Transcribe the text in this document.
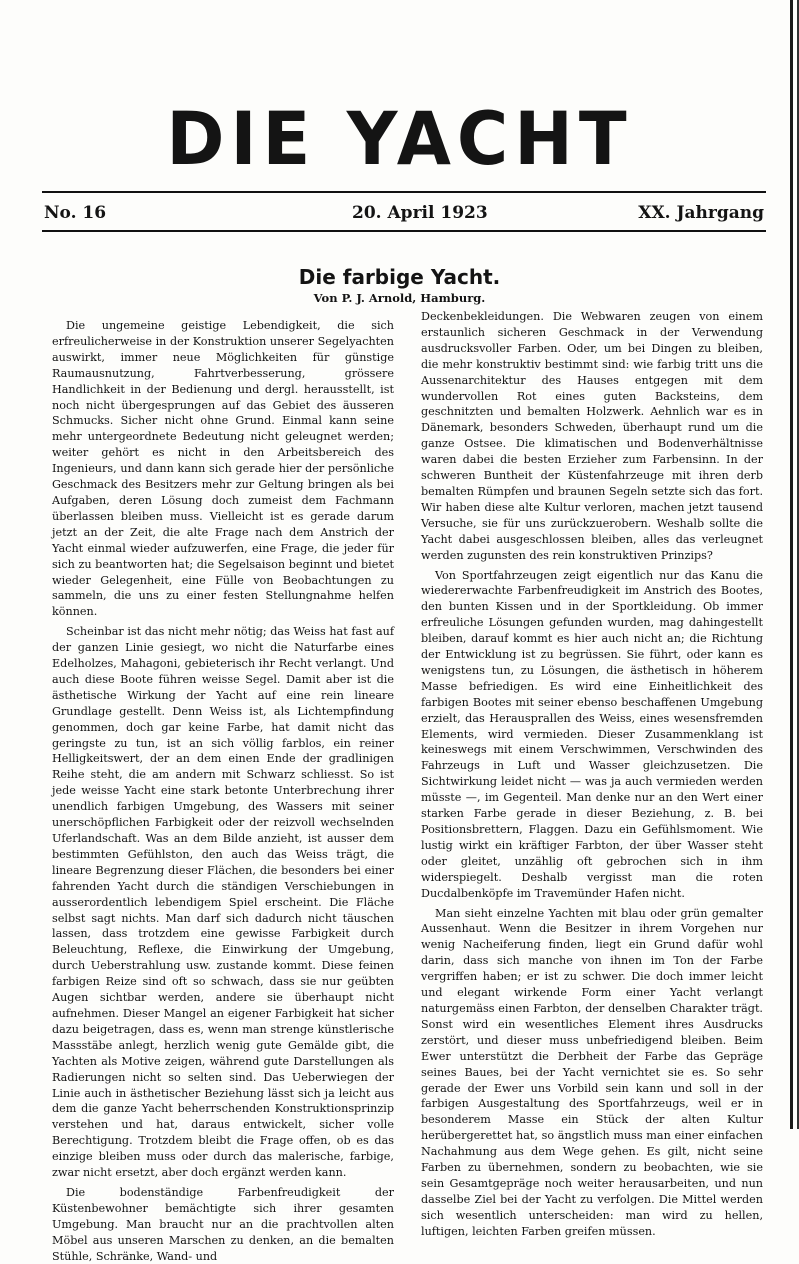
DIE YACHT
No. 16	20. April 1923	XX. Jahrgang
Die farbige Yacht.
Von P. J. Arnold, Hamburg.

Die ungemeine geistige Lebendigkeit, die sich erfreulicherweise in der Konstruktion unserer Segelyachten auswirkt, immer neue Möglichkeiten für günstige Raumausnutzung, Fahrtverbesserung, grössere Handlichkeit in der Bedienung und dergl. herausstellt, ist noch nicht übergesprungen auf das Gebiet des äusseren Schmucks. Sicher nicht ohne Grund. Einmal kann seine mehr untergeordnete Bedeutung nicht geleugnet werden; weiter gehört es nicht in den Arbeitsbereich des Ingenieurs, und dann kann sich gerade hier der persönliche Geschmack des Besitzers mehr zur Geltung bringen als bei Aufgaben, deren Lösung doch zumeist dem Fachmann überlassen bleiben muss. Vielleicht ist es gerade darum jetzt an der Zeit, die alte Frage nach dem Anstrich der Yacht einmal wieder aufzuwerfen, eine Frage, die jeder für sich zu beantworten hat; die Segelsaison beginnt und bietet wieder Gelegenheit, eine Fülle von Beobachtungen zu sammeln, die uns zu einer festen Stellungnahme helfen können.

Scheinbar ist das nicht mehr nötig; das Weiss hat fast auf der ganzen Linie gesiegt, wo nicht die Naturfarbe eines Edelholzes, Mahagoni, gebieterisch ihr Recht verlangt. Und auch diese Boote führen weisse Segel. Damit aber ist die ästhetische Wirkung der Yacht auf eine rein lineare Grundlage gestellt. Denn Weiss ist, als Lichtempfindung genommen, doch gar keine Farbe, hat damit nicht das geringste zu tun, ist an sich völlig farblos, ein reiner Helligkeitswert, der an dem einen Ende der gradlinigen Reihe steht, die am andern mit Schwarz schliesst. So ist jede weisse Yacht eine stark betonte Unterbrechung ihrer unendlich farbigen Umgebung, des Wassers mit seiner unerschöpflichen Farbigkeit oder der reizvoll wechselnden Uferlandschaft. Was an dem Bilde anzieht, ist ausser dem bestimmten Gefühlston, den auch das Weiss trägt, die lineare Begrenzung dieser Flächen, die besonders bei einer fahrenden Yacht durch die ständigen Verschiebungen in ausserordentlich lebendigem Spiel erscheint. Die Fläche selbst sagt nichts. Man darf sich dadurch nicht täuschen lassen, dass trotzdem eine gewisse Farbigkeit durch Beleuchtung, Reflexe, die Einwirkung der Umgebung, durch Ueberstrahlung usw. zustande kommt. Diese feinen farbigen Reize sind oft so schwach, dass sie nur geübten Augen sichtbar werden, andere sie überhaupt nicht aufnehmen. Dieser Mangel an eigener Farbigkeit hat sicher dazu beigetragen, dass es, wenn man strenge künstlerische Massstäbe anlegt, herzlich wenig gute Gemälde gibt, die Yachten als Motive zeigen, während gute Darstellungen als Radierungen nicht so selten sind. Das Ueberwiegen der Linie auch in ästhetischer Beziehung lässt sich ja leicht aus dem die ganze Yacht beherrschenden Konstruktionsprinzip verstehen und hat, daraus entwickelt, sicher volle Berechtigung. Trotzdem bleibt die Frage offen, ob es das einzige bleiben muss oder durch das malerische, farbige, zwar nicht ersetzt, aber doch ergänzt werden kann.

Die bodenständige Farbenfreudigkeit der Küstenbewohner bemächtigte sich ihrer gesamten Umgebung. Man braucht nur an die prachtvollen alten Möbel aus unseren Marschen zu denken, an die bemalten Stühle, Schränke, Wand- und

Deckenbekleidungen. Die Webwaren zeugen von einem erstaunlich sicheren Geschmack in der Verwendung ausdrucksvoller Farben. Oder, um bei Dingen zu bleiben, die mehr konstruktiv bestimmt sind: wie farbig tritt uns die Aussenarchitektur des Hauses entgegen mit dem wundervollen Rot eines guten Backsteins, dem geschnitzten und bemalten Holzwerk. Aehnlich war es in Dänemark, besonders Schweden, überhaupt rund um die ganze Ostsee. Die klimatischen und Bodenverhältnisse waren dabei die besten Erzieher zum Farbensinn. In der schweren Buntheit der Küstenfahrzeuge mit ihren derb bemalten Rümpfen und braunen Segeln setzte sich das fort. Wir haben diese alte Kultur verloren, machen jetzt tausend Versuche, sie für uns zurückzuerobern. Weshalb sollte die Yacht dabei ausgeschlossen bleiben, alles das verleugnet werden zugunsten des rein konstruktiven Prinzips?

Von Sportfahrzeugen zeigt eigentlich nur das Kanu die wiedererwachte Farbenfreudigkeit im Anstrich des Bootes, den bunten Kissen und in der Sportkleidung. Ob immer erfreuliche Lösungen gefunden wurden, mag dahingestellt bleiben, darauf kommt es hier auch nicht an; die Richtung der Entwicklung ist zu begrüssen. Sie führt, oder kann es wenigstens tun, zu Lösungen, die ästhetisch in höherem Masse befriedigen. Es wird eine Einheitlichkeit des farbigen Bootes mit seiner ebenso beschaffenen Umgebung erzielt, das Herausprallen des Weiss, eines wesensfremden Elements, wird vermieden. Dieser Zusammenklang ist keineswegs mit einem Verschwimmen, Verschwinden des Fahrzeugs in Luft und Wasser gleichzusetzen. Die Sichtwirkung leidet nicht — was ja auch vermieden werden müsste —, im Gegenteil. Man denke nur an den Wert einer starken Farbe gerade in dieser Beziehung, z. B. bei Positionsbrettern, Flaggen. Dazu ein Gefühlsmoment. Wie lustig wirkt ein kräftiger Farbton, der über Wasser steht oder gleitet, unzählig oft gebrochen sich in ihm widerspiegelt. Deshalb vergisst man die roten Ducdalbenköpfe im Travemünder Hafen nicht.

Man sieht einzelne Yachten mit blau oder grün gemalter Aussenhaut. Wenn die Besitzer in ihrem Vorgehen nur wenig Nacheiferung finden, liegt ein Grund dafür wohl darin, dass sich manche von ihnen im Ton der Farbe vergriffen haben; er ist zu schwer. Die doch immer leicht und elegant wirkende Form einer Yacht verlangt naturgemäss einen Farbton, der denselben Charakter trägt. Sonst wird ein wesentliches Element ihres Ausdrucks zerstört, und dieser muss unbefriedigend bleiben. Beim Ewer unterstützt die Derbheit der Farbe das Gepräge seines Baues, bei der Yacht vernichtet sie es. So sehr gerade der Ewer uns Vorbild sein kann und soll in der farbigen Ausgestaltung des Sportfahrzeugs, weil er in besonderem Masse ein Stück der alten Kultur herübergerettet hat, so ängstlich muss man einer einfachen Nachahmung aus dem Wege gehen. Es gilt, nicht seine Farben zu übernehmen, sondern zu beobachten, wie sie sein Gesamtgepräge noch weiter herausarbeiten, und nun dasselbe Ziel bei der Yacht zu verfolgen. Die Mittel werden sich wesentlich unterscheiden: man wird zu hellen, luftigen, leichten Farben greifen müssen.
